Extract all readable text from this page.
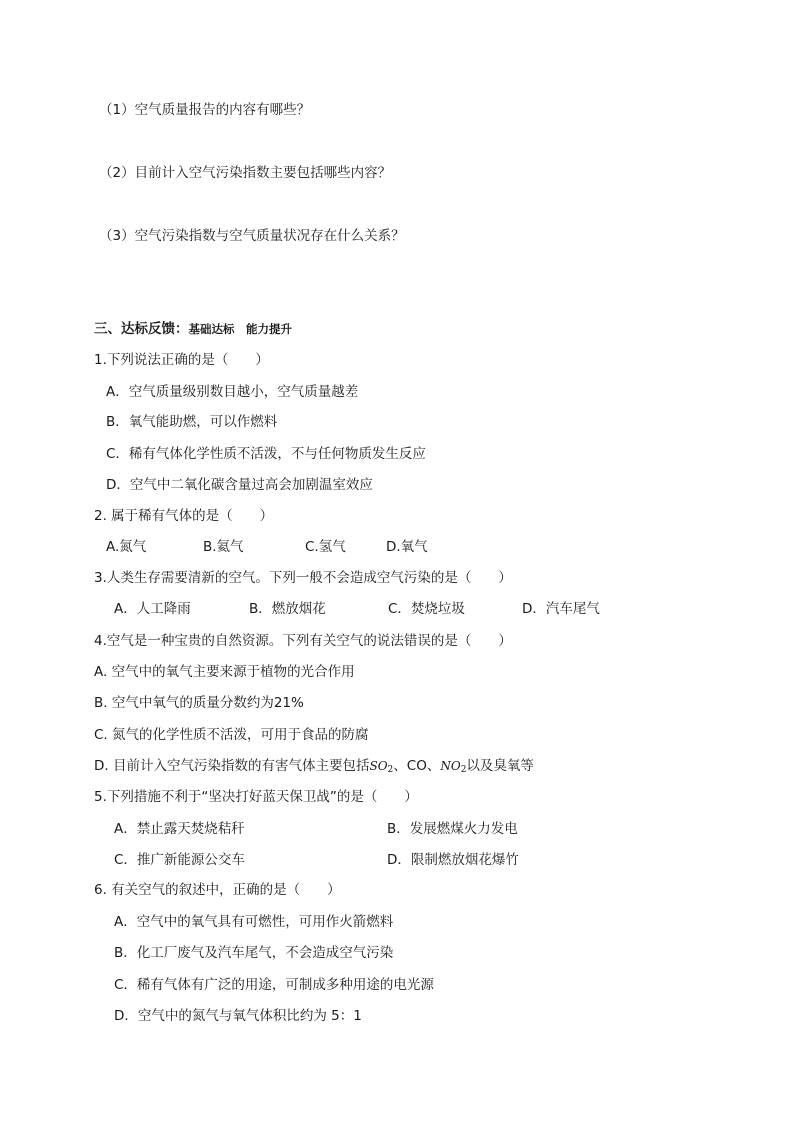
（1）空气质量报告的内容有哪些？
（2）目前计入空气污染指数主要包括哪些内容？
（3）空气污染指数与空气质量状况存在什么关系？
三、达标反馈：基础达标　能力提升
1.下列说法正确的是（　　）
A．空气质量级别数目越小，空气质量越差
B．氧气能助燃，可以作燃料
C．稀有气体化学性质不活泼，不与任何物质发生反应
D．空气中二氧化碳含量过高会加剧温室效应
2. 属于稀有气体的是（　　）
A.氮气	B.氦气	C.氢气	D.氧气
3.人类生存需要清新的空气。下列一般不会造成空气污染的是（　　）
A．人工降雨	B．燃放烟花	C．焚烧垃圾	D．汽车尾气
4.空气是一种宝贵的自然资源。下列有关空气的说法错误的是（　　）
A. 空气中的氧气主要来源于植物的光合作用
B. 空气中氧气的质量分数约为21%
C. 氮气的化学性质不活泼，可用于食品的防腐
D. 目前计入空气污染指数的有害气体主要包括$SO_2$、CO、$NO_2$以及臭氧等
5.下列措施不利于“坚决打好蓝天保卫战”的是（　　）
A．禁止露天焚烧秸秆	B．发展燃煤火力发电
C．推广新能源公交车	D．限制燃放烟花爆竹
6. 有关空气的叙述中，正确的是（　　）
A．空气中的氧气具有可燃性，可用作火箭燃料
B．化工厂废气及汽车尾气，不会造成空气污染
C．稀有气体有广泛的用途，可制成多种用途的电光源
D．空气中的氮气与氧气体积比约为 5：1
